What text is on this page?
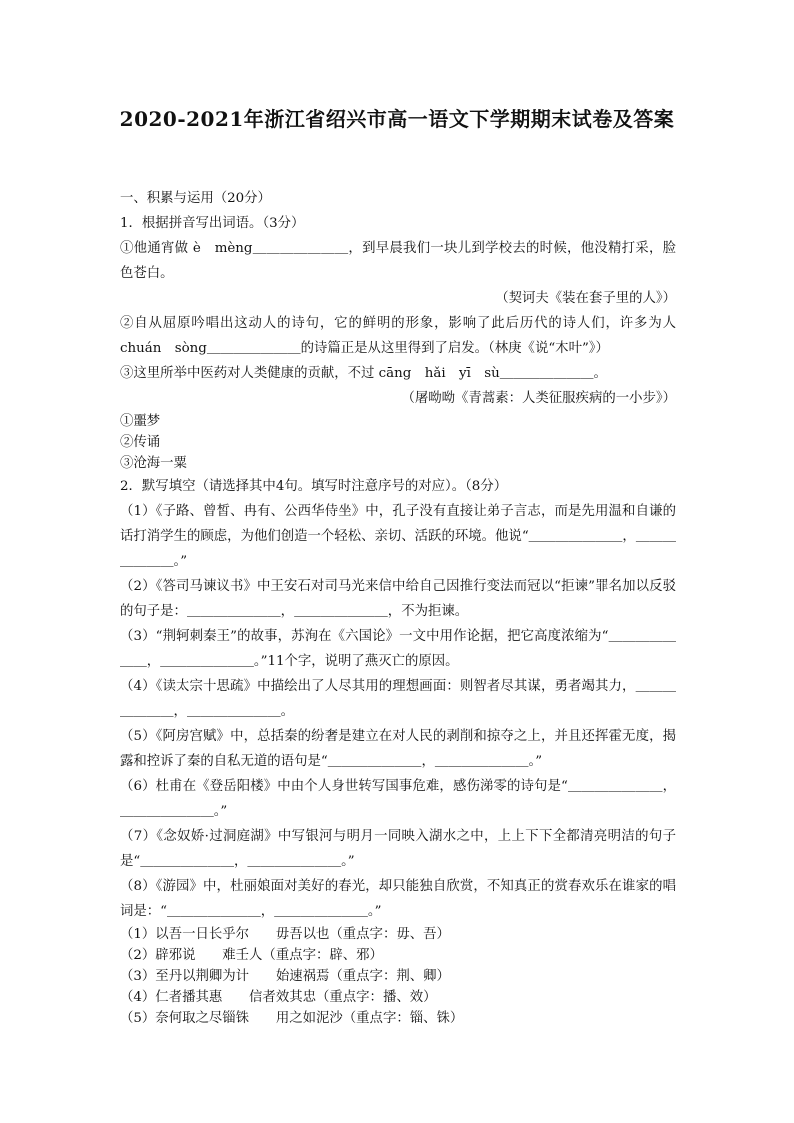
2020-2021年浙江省绍兴市高一语文下学期期末试卷及答案

一、积累与运用（20分）

1．根据拼音写出词语。（3分）

①他通宵做 è　mèng＿＿＿＿＿＿＿，到早晨我们一块儿到学校去的时候，他没精打采，脸色苍白。

（契诃夫《装在套子里的人》）

②自从屈原吟唱出这动人的诗句，它的鲜明的形象，影响了此后历代的诗人们，许多为人chuán　sòng＿＿＿＿＿＿＿的诗篇正是从这里得到了启发。（林庚《说“木叶”》）

③这里所举中医药对人类健康的贡献，不过 cāng　hǎi　yī　sù＿＿＿＿＿＿＿。

（屠呦呦《青蒿素：人类征服疾病的一小步》）

①噩梦

②传诵

③沧海一粟

2．默写填空（请选择其中4句。填写时注意序号的对应）。（8分）

（1）《子路、曾皙、冉有、公西华侍坐》中，孔子没有直接让弟子言志，而是先用温和自谦的话打消学生的顾虑，为他们创造一个轻松、亲切、活跃的环境。他说“＿＿＿＿＿＿＿，＿＿＿＿＿＿＿。”

（2）《答司马谏议书》中王安石对司马光来信中给自己因推行变法而冠以“拒谏”罪名加以反驳的句子是：＿＿＿＿＿＿＿，＿＿＿＿＿＿＿，不为拒谏。

（3）“荆轲刺秦王”的故事，苏洵在《六国论》一文中用作论据，把它高度浓缩为“＿＿＿＿＿＿＿，＿＿＿＿＿＿＿。”11个字，说明了燕灭亡的原因。

（4）《读太宗十思疏》中描绘出了人尽其用的理想画面：则智者尽其谋，勇者竭其力，＿＿＿＿＿＿＿，＿＿＿＿＿＿＿。

（5）《阿房宫赋》中，总括秦的纷奢是建立在对人民的剥削和掠夺之上，并且还挥霍无度，揭露和控诉了秦的自私无道的语句是“＿＿＿＿＿＿＿，＿＿＿＿＿＿＿。”

（6）杜甫在《登岳阳楼》中由个人身世转写国事危难，感伤涕零的诗句是“＿＿＿＿＿＿＿，＿＿＿＿＿＿＿。”

（7）《念奴娇·过洞庭湖》中写银河与明月一同映入湖水之中，上上下下全都清亮明洁的句子是“＿＿＿＿＿＿＿，＿＿＿＿＿＿＿。”

（8）《游园》中，杜丽娘面对美好的春光，却只能独自欣赏，不知真正的赏春欢乐在谁家的唱词是：“＿＿＿＿＿＿＿，＿＿＿＿＿＿＿。”

（1）以吾一日长乎尔　　毋吾以也（重点字：毋、吾）

（2）辟邪说　　难壬人（重点字：辟、邪）

（3）至丹以荆卿为计　　始速祸焉（重点字：荆、卿）

（4）仁者播其惠　　信者效其忠（重点字：播、效）

（5）奈何取之尽锱铢　　用之如泥沙（重点字：锱、铢）
